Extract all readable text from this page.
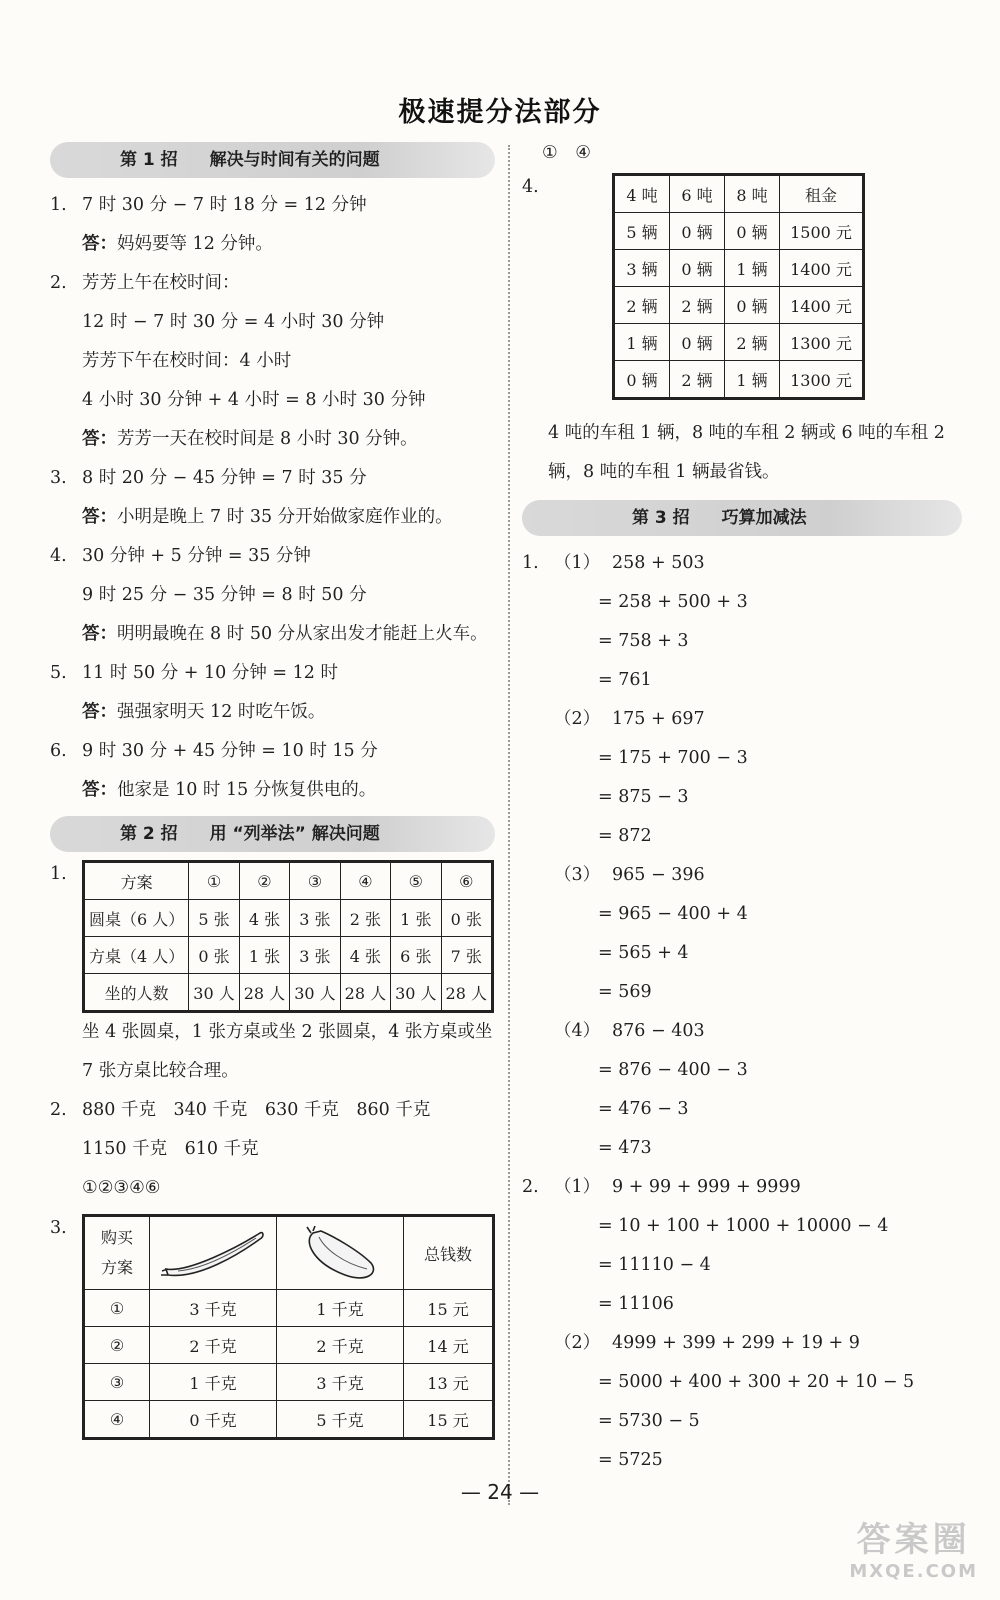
极速提分法部分
第 1 招 解决与时间有关的问题
1. 7 时 30 分 − 7 时 18 分 = 12 分钟
答：妈妈要等 12 分钟。
2. 芳芳上午在校时间：
12 时 − 7 时 30 分 = 4 小时 30 分钟
芳芳下午在校时间：4 小时
4 小时 30 分钟 + 4 小时 = 8 小时 30 分钟
答：芳芳一天在校时间是 8 小时 30 分钟。
3. 8 时 20 分 − 45 分钟 = 7 时 35 分
答：小明是晚上 7 时 35 分开始做家庭作业的。
4. 30 分钟 + 5 分钟 = 35 分钟
9 时 25 分 − 35 分钟 = 8 时 50 分
答：明明最晚在 8 时 50 分从家出发才能赶上火车。
5. 11 时 50 分 + 10 分钟 = 12 时
答：强强家明天 12 时吃午饭。
6. 9 时 30 分 + 45 分钟 = 10 时 15 分
答：他家是 10 时 15 分恢复供电的。
第 2 招 用 “列举法” 解决问题
1.	方案	①	②	③	④	⑤	⑥
圆桌（6 人）	5 张	4 张	3 张	2 张	1 张	0 张
方桌（4 人）	0 张	1 张	3 张	4 张	6 张	7 张
坐的人数	30 人	28 人	30 人	28 人	30 人	28 人
坐 4 张圆桌，1 张方桌或坐 2 张圆桌，4 张方桌或坐 7 张方桌比较合理。
2. 880 千克　340 千克　630 千克　860 千克
1150 千克　610 千克
①②③④⑥
3.	购买
方案			总钱数
①	3 千克	1 千克	15 元
②	2 千克	2 千克	14 元
③	1 千克	3 千克	13 元
④	0 千克	5 千克	15 元
①　④
4.	4 吨	6 吨	8 吨	租金
5 辆	0 辆	0 辆	1500 元
3 辆	0 辆	1 辆	1400 元
2 辆	2 辆	0 辆	1400 元
1 辆	0 辆	2 辆	1300 元
0 辆	2 辆	1 辆	1300 元
4 吨的车租 1 辆，8 吨的车租 2 辆或 6 吨的车租 2 辆，8 吨的车租 1 辆最省钱。
第 3 招 巧算加减法
1. （1） 258 + 503
= 258 + 500 + 3
= 758 + 3
= 761
（2） 175 + 697
= 175 + 700 − 3
= 875 − 3
= 872
（3） 965 − 396
= 965 − 400 + 4
= 565 + 4
= 569
（4） 876 − 403
= 876 − 400 − 3
= 476 − 3
= 473
2. （1） 9 + 99 + 999 + 9999
= 10 + 100 + 1000 + 10000 − 4
= 11110 − 4
= 11106
（2） 4999 + 399 + 299 + 19 + 9
= 5000 + 400 + 300 + 20 + 10 − 5
= 5730 − 5
= 5725
— 24 —
答案圈
MXQE.COM
